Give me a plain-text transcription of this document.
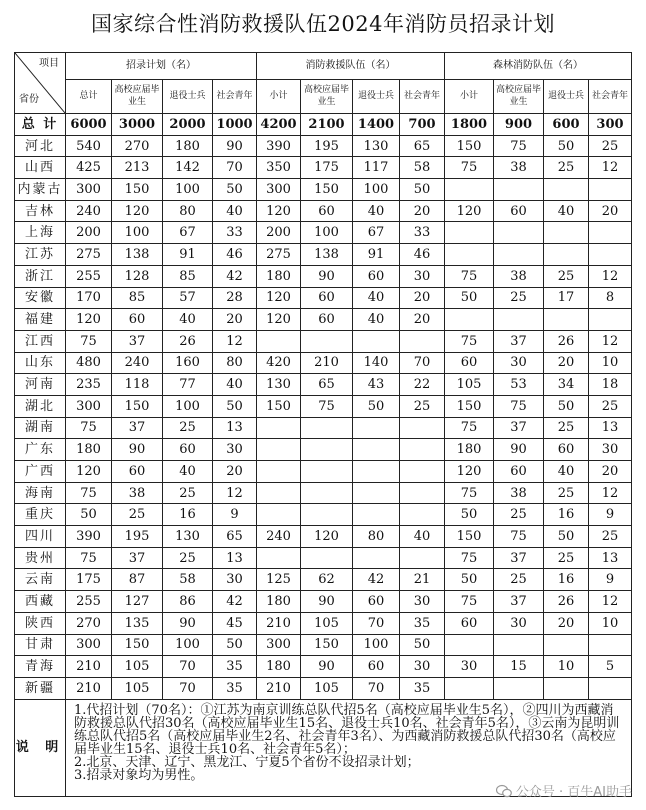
国家综合性消防救援队伍2024年消防员招录计划
项目
省份	招录计划（名）				消防救援队伍（名）				森林消防队伍（名）			
	总计	高校应届毕业生	退役士兵	社会青年	小计	高校应届毕业生	退役士兵	社会青年	小计	高校应届毕业生	退役士兵	社会青年
总 计	6000	3000	2000	1000	4200	2100	1400	700	1800	900	600	300
河北	540	270	180	90	390	195	130	65	150	75	50	25
山西	425	213	142	70	350	175	117	58	75	38	25	12
内蒙古	300	150	100	50	300	150	100	50				
吉林	240	120	80	40	120	60	40	20	120	60	40	20
上海	200	100	67	33	200	100	67	33				
江苏	275	138	91	46	275	138	91	46				
浙江	255	128	85	42	180	90	60	30	75	38	25	12
安徽	170	85	57	28	120	60	40	20	50	25	17	8
福建	120	60	40	20	120	60	40	20				
江西	75	37	26	12					75	37	26	12
山东	480	240	160	80	420	210	140	70	60	30	20	10
河南	235	118	77	40	130	65	43	22	105	53	34	18
湖北	300	150	100	50	150	75	50	25	150	75	50	25
湖南	75	37	25	13					75	37	25	13
广东	180	90	60	30					180	90	60	30
广西	120	60	40	20					120	60	40	20
海南	75	38	25	12					75	38	25	12
重庆	50	25	16	9					50	25	16	9
四川	390	195	130	65	240	120	80	40	150	75	50	25
贵州	75	37	25	13					75	37	25	13
云南	175	87	58	30	125	62	42	21	50	25	16	9
西藏	255	127	86	42	180	90	60	30	75	37	26	12
陕西	270	135	90	45	210	105	70	35	60	30	20	10
甘肃	300	150	100	50	300	150	100	50				
青海	210	105	70	35	180	90	60	30	30	15	10	5
新疆	210	105	70	35	210	105	70	35				
说 明	1.代招计划（70名）：①江苏为南京训练总队代招5名（高校应届毕业生5名），②四川为西藏消防救援总队代招30名（高校应届毕业生15名、退役士兵10名、社会青年5名），③云南为昆明训练总队代招5名（高校应届毕业生2名、社会青年3名）、为西藏消防救援总队代招30名（高校应届毕业生15名、退役士兵10名、社会青年5名）；
2.北京、天津、辽宁、黑龙江、宁夏5个省份不设招录计划；
3.招录对象均为男性。											
公众号 · 百牛AI助手
